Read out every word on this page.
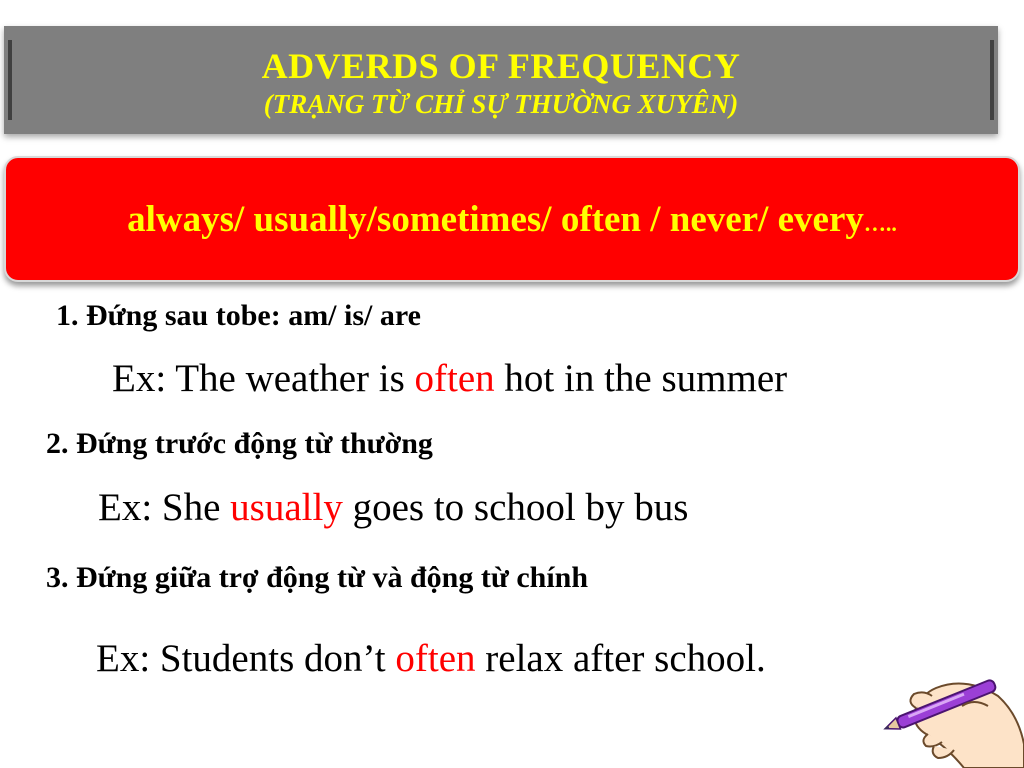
ADVERDS OF FREQUENCY
(TRẠNG TỪ CHỈ SỰ THƯỜNG XUYÊN)
always/ usually/sometimes/ often / never/ every…..
1. Đứng sau tobe: am/ is/ are
Ex: The weather is often hot in the summer
2. Đứng trước động từ thường
Ex: She usually goes to school by bus
3. Đứng giữa trợ động từ và động từ chính
Ex: Students don’t often relax after school.
